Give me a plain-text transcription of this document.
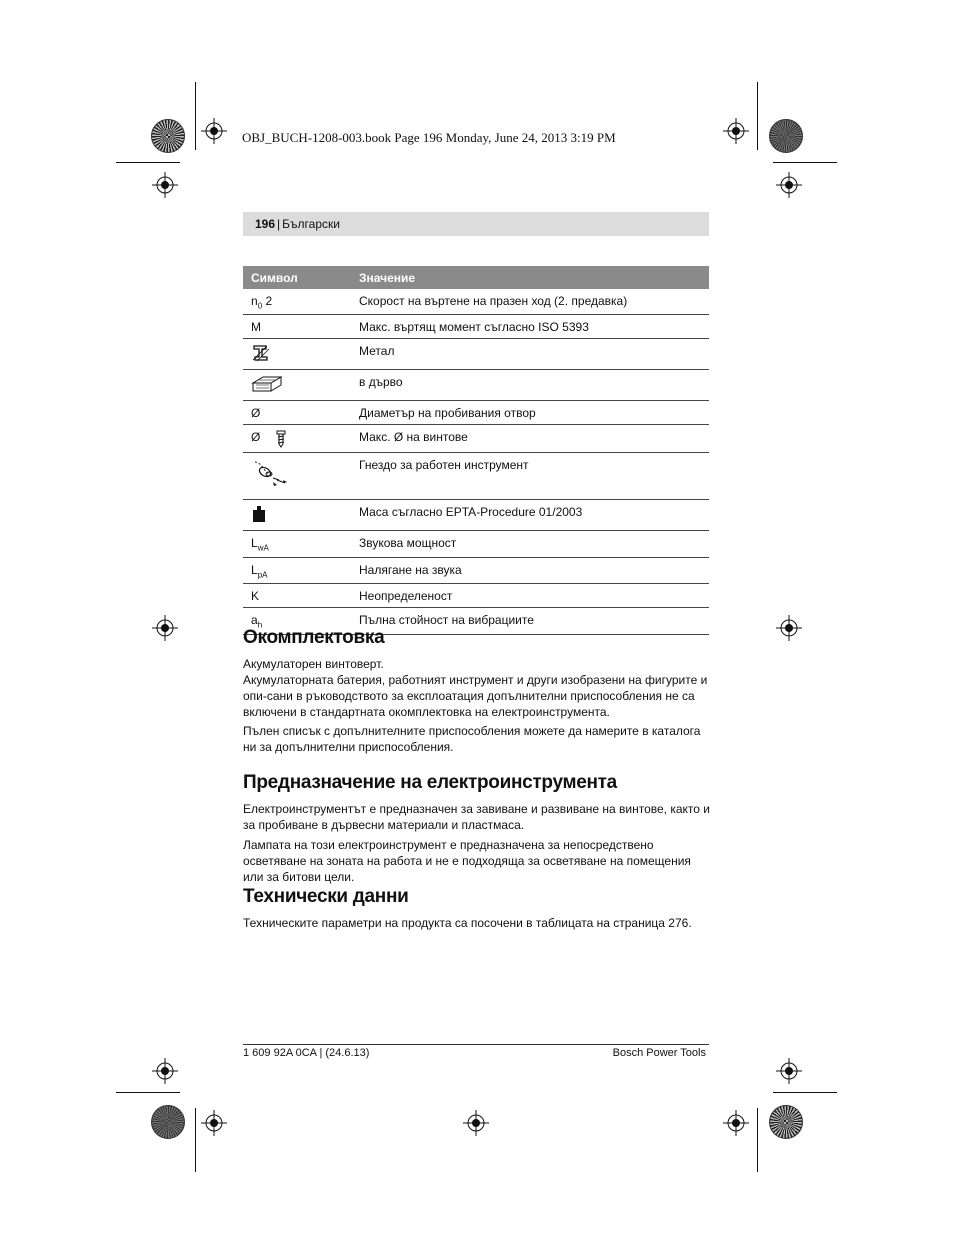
OBJ_BUCH-1208-003.book Page 196 Monday, June 24, 2013 3:19 PM
196 | Български
Символ	Значение
$n_0$ 2	Скорост на въртене на празен ход (2. предавка)
M	Макс. въртящ момент съгласно ISO 5393
	Метал
	в дърво
Ø	Диаметър на пробивания отвор
Ø	Макс. Ø на винтове
	Гнездо за работен инструмент
	Маса съгласно EPTA-Procedure 01/2003
$L_{wA}$	Звукова мощност
$L_{pA}$	Налягане на звука
K	Неопределеност
$a_h$	Пълна стойност на вибрациите
Окомплектовка
Акумулаторен винтоверт.
Акумулаторната батерия, работният инструмент и други изобразени на фигурите и опи-сани в ръководството за експлоатация допълнителни приспособления не са включени в стандартната окомплектовка на електроинструмента.
Пълен списък с допълнителните приспособления можете да намерите в каталога ни за допълнителни приспособления.
Предназначение на електроинструмента
Електроинструментът е предназначен за завиване и развиване на винтове, както и за пробиване в дървесни материали и пластмаса.
Лампата на този електроинструмент е предназначена за непосредствено осветяване на зоната на работа и не е подходяща за осветяване на помещения или за битови цели.
Технически данни
Техническите параметри на продукта са посочени в таблицата на страница 276.
1 609 92A 0CA | (24.6.13)	Bosch Power Tools
